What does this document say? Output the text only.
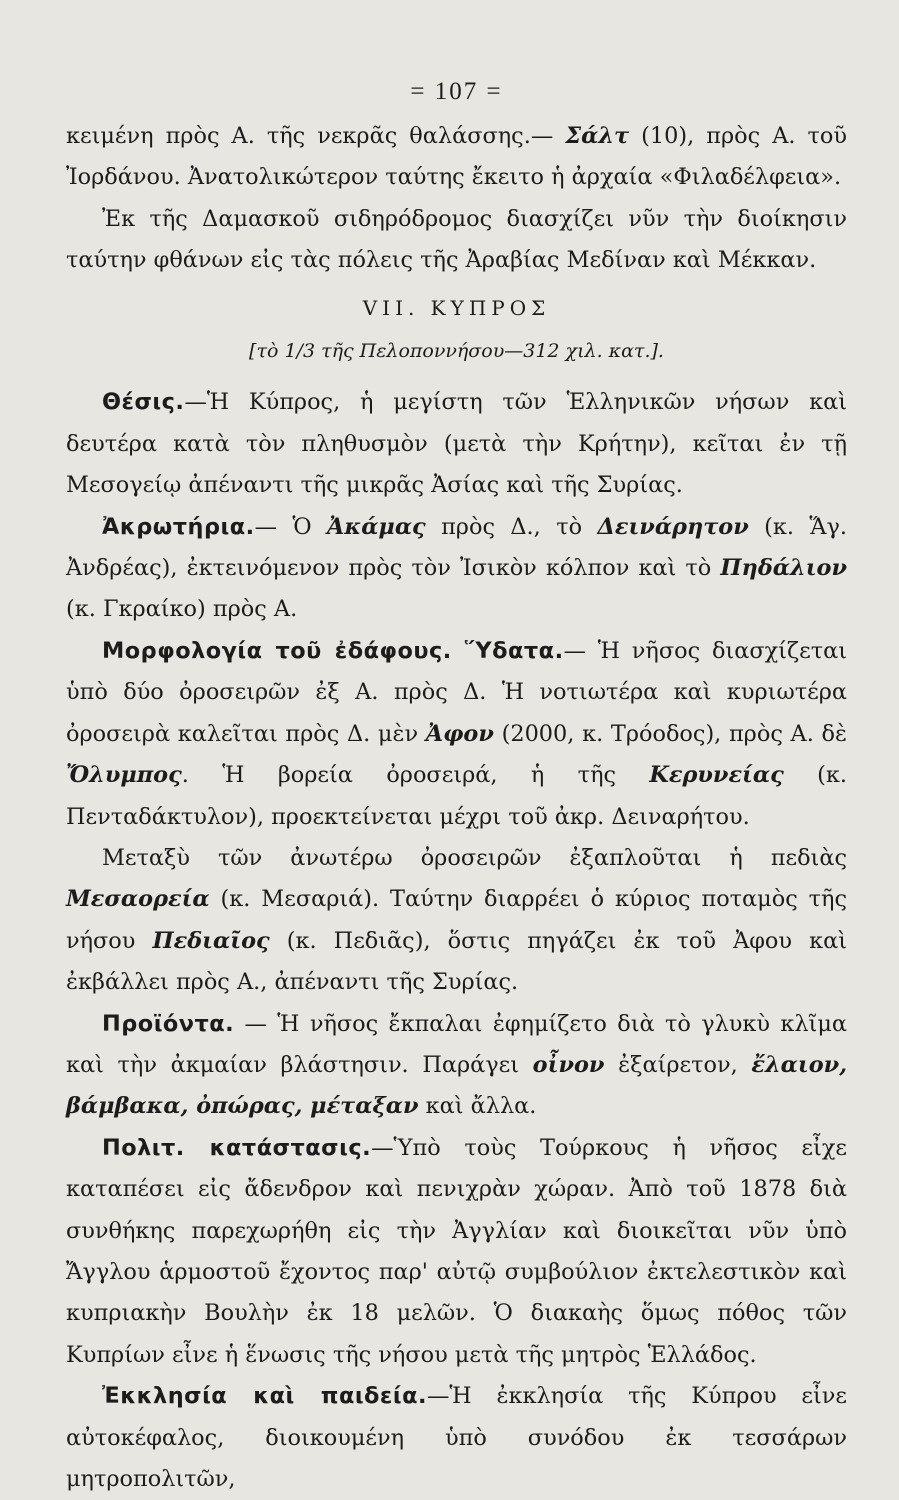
= 107 =

κειμένη πρὸς Α. τῆς νεκρᾶς θαλάσσης.— Σάλτ (10), πρὸς Α. τοῦ Ἰορδάνου. Ἀνατολικώτερον ταύτης ἔκειτο ἡ ἀρχαία «Φιλαδέλφεια».

Ἐκ τῆς Δαμασκοῦ σιδηρόδρομος διασχίζει νῦν τὴν διοίκησιν ταύτην φθάνων εἰς τὰς πόλεις τῆς Ἀραβίας Μεδίναν καὶ Μέκκαν.

VII. ΚΥΠΡΟΣ

[τὸ 1/3 τῆς Πελοποννήσου—312 χιλ. κατ.].

Θέσις.—Ἡ Κύπρος, ἡ μεγίστη τῶν Ἑλληνικῶν νήσων καὶ δευτέρα κατὰ τὸν πληθυσμὸν (μετὰ τὴν Κρήτην), κεῖται ἐν τῇ Μεσογείῳ ἀπέναντι τῆς μικρᾶς Ἀσίας καὶ τῆς Συρίας.

Ἀκρωτήρια.— Ὁ Ἀκάμας πρὸς Δ., τὸ Δεινάρητον (κ. Ἅγ. Ἀνδρέας), ἐκτεινόμενον πρὸς τὸν Ἰσικὸν κόλπον καὶ τὸ Πηδάλιον (κ. Γκραίκο) πρὸς Α.

Μορφολογία τοῦ ἐδάφους. Ὕδατα.— Ἡ νῆσος διασχίζεται ὑπὸ δύο ὀροσειρῶν ἐξ Α. πρὸς Δ. Ἡ νοτιωτέρα καὶ κυριωτέρα ὀροσειρὰ καλεῖται πρὸς Δ. μὲν Ἀφον (2000, κ. Τρόοδος), πρὸς Α. δὲ Ὄλυμπος. Ἡ βορεία ὀροσειρά, ἡ τῆς Κερυνείας (κ. Πενταδάκτυλον), προεκτείνεται μέχρι τοῦ ἀκρ. Δειναρήτου.

Μεταξὺ τῶν ἀνωτέρω ὀροσειρῶν ἐξαπλοῦται ἡ πεδιὰς Μεσαορεία (κ. Μεσαριά). Ταύτην διαρρέει ὁ κύριος ποταμὸς τῆς νήσου Πεδιαῖος (κ. Πεδιᾶς), ὅστις πηγάζει ἐκ τοῦ Ἀφου καὶ ἐκβάλλει πρὸς Α., ἀπέναντι τῆς Συρίας.

Προϊόντα. — Ἡ νῆσος ἔκπαλαι ἐφημίζετο διὰ τὸ γλυκὺ κλῖμα καὶ τὴν ἀκμαίαν βλάστησιν. Παράγει οἶνον ἐξαίρετον, ἔλαιον, βάμβακα, ὀπώρας, μέταξαν καὶ ἄλλα.

Πολιτ. κατάστασις.—Ὑπὸ τοὺς Τούρκους ἡ νῆσος εἶχε καταπέσει εἰς ἄδενδρον καὶ πενιχρὰν χώραν. Ἀπὸ τοῦ 1878 διὰ συνθήκης παρεχωρήθη εἰς τὴν Ἀγγλίαν καὶ διοικεῖται νῦν ὑπὸ Ἄγγλου ἁρμοστοῦ ἔχοντος παρ' αὐτῷ συμβούλιον ἐκτελεστικὸν καὶ κυπριακὴν Βουλὴν ἐκ 18 μελῶν. Ὁ διακαὴς ὅμως πόθος τῶν Κυπρίων εἶνε ἡ ἕνωσις τῆς νήσου μετὰ τῆς μητρὸς Ἑλλάδος.

Ἐκκλησία καὶ παιδεία.—Ἡ ἐκκλησία τῆς Κύπρου εἶνε αὐτοκέφαλος, διοικουμένη ὑπὸ συνόδου ἐκ τεσσάρων μητροπολιτῶν,
